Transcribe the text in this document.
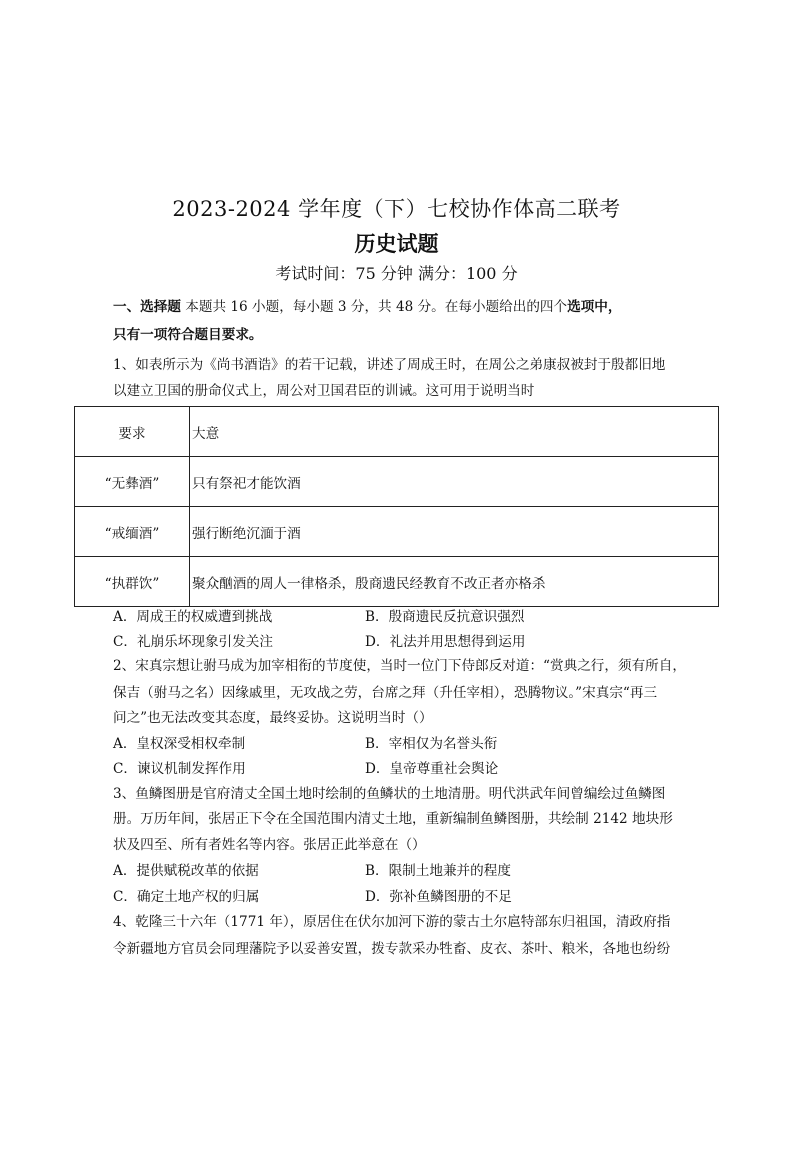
2023-2024 学年度（下）七校协作体高二联考
历史试题
考试时间：75 分钟 满分：100 分
一、选择题 本题共 16 小题，每小题 3 分，共 48 分。在每小题给出的四个选项中，
只有一项符合题目要求。
1、如表所示为《尚书酒诰》的若干记载，讲述了周成王时，在周公之弟康叔被封于殷都旧地
以建立卫国的册命仪式上，周公对卫国君臣的训诫。这可用于说明当时
要求	大意
“无彝酒”	只有祭祀才能饮酒
“戒缅酒”	强行断绝沉湎于酒
“执群饮”	聚众酗酒的周人一律格杀，殷商遗民经教育不改正者亦格杀
A．周成王的权威遭到挑战	B．殷商遗民反抗意识强烈
C．礼崩乐坏现象引发关注	D．礼法并用思想得到运用
2、宋真宗想让驸马成为加宰相衔的节度使，当时一位门下侍郎反对道：“赏典之行，须有所自，
保吉（驸马之名）因缘戚里，无攻战之劳，台席之拜（升任宰相），恐腾物议。”宋真宗“再三
问之”也无法改变其态度，最终妥协。这说明当时（）
A．皇权深受相权牵制	B．宰相仅为名誉头衔
C．谏议机制发挥作用	D．皇帝尊重社会舆论
3、鱼鳞图册是官府清丈全国土地时绘制的鱼鳞状的土地清册。明代洪武年间曾编绘过鱼鳞图
册。万历年间，张居正下令在全国范围内清丈土地，重新编制鱼鳞图册，共绘制 2142 地块形
状及四至、所有者姓名等内容。张居正此举意在（）
A．提供赋税改革的依据	B．限制土地兼并的程度
C．确定土地产权的归属	D．弥补鱼鳞图册的不足
4、乾隆三十六年（1771 年），原居住在伏尔加河下游的蒙古土尔扈特部东归祖国，清政府指
令新疆地方官员会同理藩院予以妥善安置，拨专款采办牲畜、皮衣、茶叶、粮米，各地也纷纷
